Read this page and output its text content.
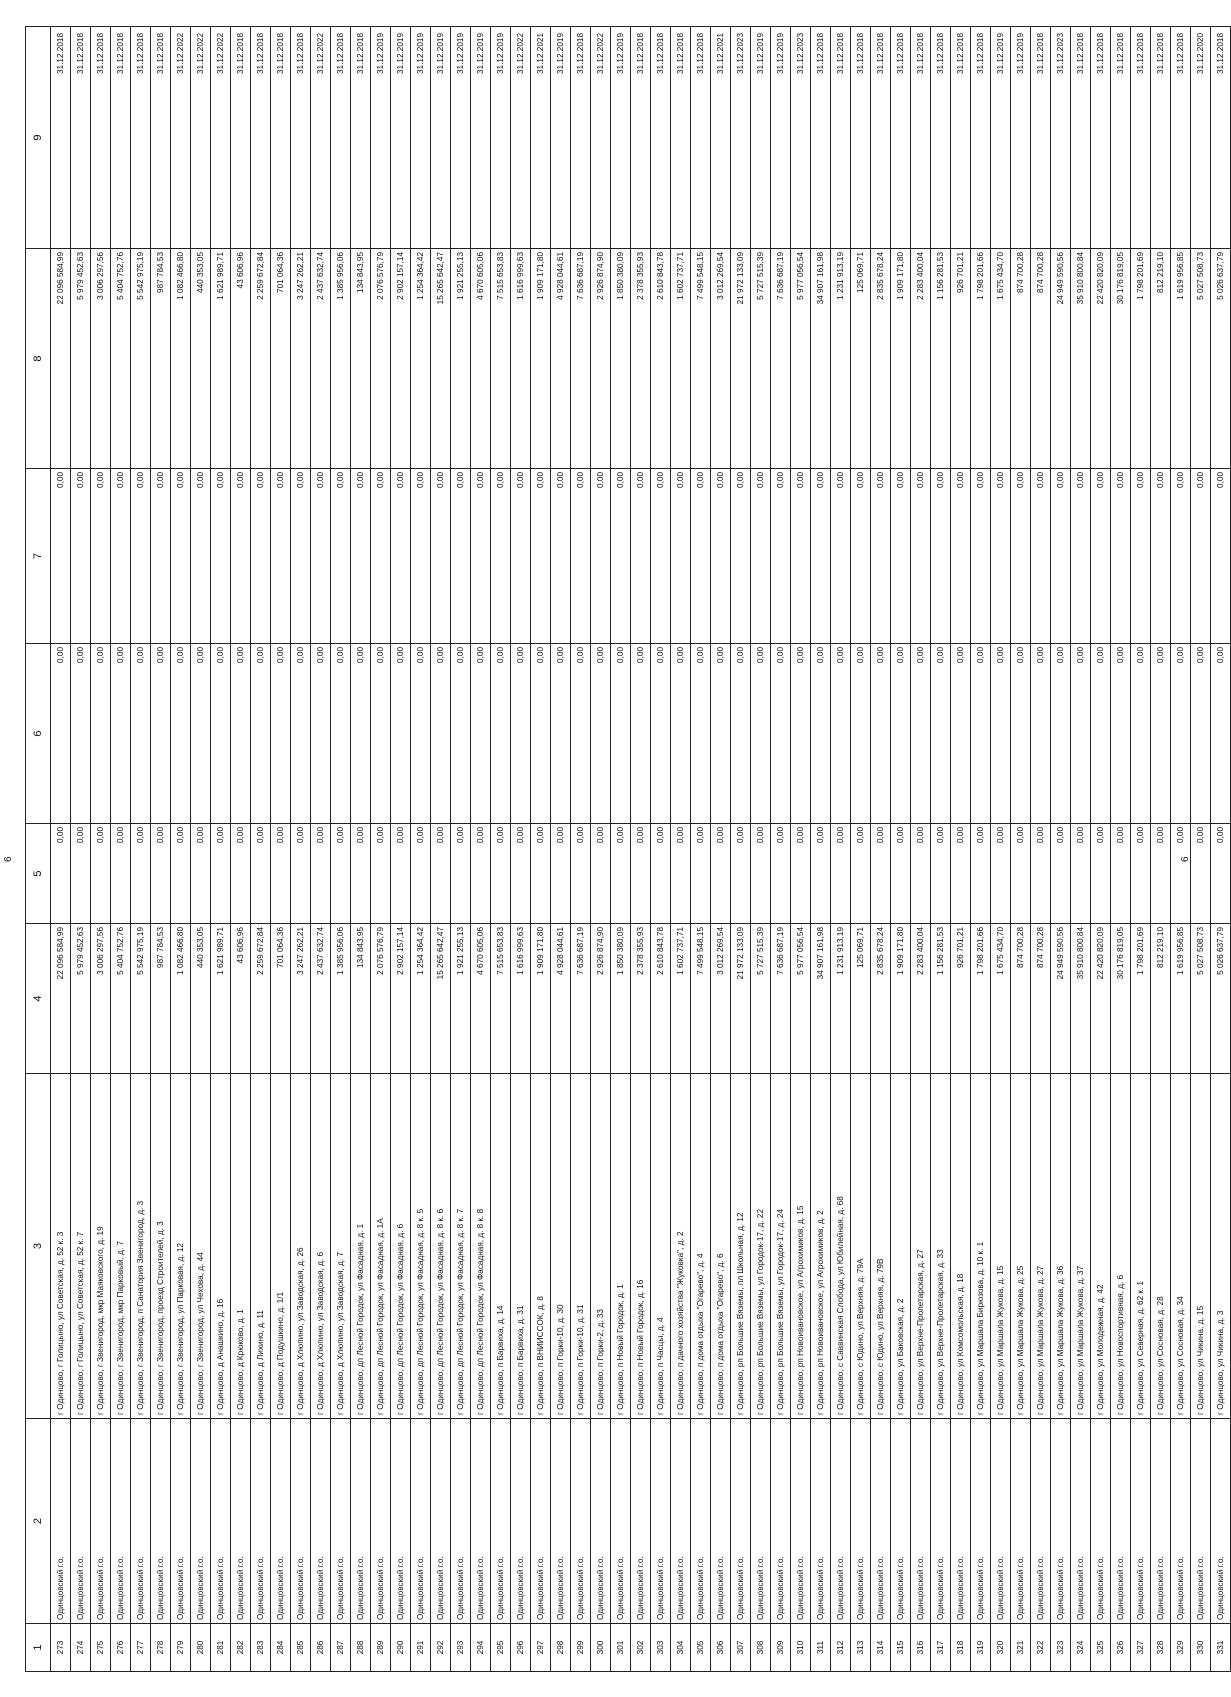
1	2	3	4	5	6	7	8	9
273	Одинцовский г.о.	г Одинцово, г Голицыно, ул Советская, д. 52 к. 3	22 096 584,99	0,00	0,00	0,00	22 096 584,99	31.12.2018
274	Одинцовский г.о.	г Одинцово, г Голицыно, ул Советская, д. 52 к. 7	5 979 452,63	0,00	0,00	0,00	5 979 452,63	31.12.2018
275	Одинцовский г.о.	г Одинцово, г Звенигород, мкр Маяковского, д. 19	3 006 297,56	0,00	0,00	0,00	3 006 297,56	31.12.2018
276	Одинцовский г.о.	г Одинцово, г Звенигород, мкр Парковый, д. 7	5 404 752,76	0,00	0,00	0,00	5 404 752,76	31.12.2018
277	Одинцовский г.о.	г Одинцово, г Звенигород, п Санатория Звенигород, д. 3	5 542 975,19	0,00	0,00	0,00	5 542 975,19	31.12.2018
278	Одинцовский г.о.	г Одинцово, г Звенигород, проезд Строителей, д. 3	987 784,53	0,00	0,00	0,00	987 784,53	31.12.2018
279	Одинцовский г.о.	г Одинцово, г Звенигород, ул Парковая, д. 12	1 082 466,80	0,00	0,00	0,00	1 082 466,80	31.12.2022
280	Одинцовский г.о.	г Одинцово, г Звенигород, ул Чехова, д. 44	440 353,05	0,00	0,00	0,00	440 353,05	31.12.2022
281	Одинцовский г.о.	г Одинцово, д Анашкино, д. 16	1 621 989,71	0,00	0,00	0,00	1 621 989,71	31.12.2022
282	Одинцовский г.о.	г Одинцово, д Крюково, д. 1	43 606,96	0,00	0,00	0,00	43 606,96	31.12.2018
283	Одинцовский г.о.	г Одинцово, д Лихино, д. 11	2 259 672,84	0,00	0,00	0,00	2 259 672,84	31.12.2018
284	Одинцовский г.о.	г Одинцово, д Подушкино, д. 1/1	701 064,36	0,00	0,00	0,00	701 064,36	31.12.2018
285	Одинцовский г.о.	г Одинцово, д Хлюпино, ул Заводская, д. 26	3 247 262,21	0,00	0,00	0,00	3 247 262,21	31.12.2018
286	Одинцовский г.о.	г Одинцово, д Хлюпино, ул Заводская, д. 6	2 437 632,74	0,00	0,00	0,00	2 437 632,74	31.12.2022
287	Одинцовский г.о.	г Одинцово, д Хлюпино, ул Заводская, д. 7	1 385 956,06	0,00	0,00	0,00	1 385 956,06	31.12.2018
288	Одинцовский г.о.	г Одинцово, дп Лесной Городок, ул Фасадная, д. 1	134 843,95	0,00	0,00	0,00	134 843,95	31.12.2018
289	Одинцовский г.о.	г Одинцово, дп Лесной Городок, ул Фасадная, д. 1А	2 076 576,79	0,00	0,00	0,00	2 076 576,79	31.12.2019
290	Одинцовский г.о.	г Одинцово, дп Лесной Городок, ул Фасадная, д. 6	2 902 157,14	0,00	0,00	0,00	2 902 157,14	31.12.2019
291	Одинцовский г.о.	г Одинцово, дп Лесной Городок, ул Фасадная, д. 8 к. 5	1 254 364,42	0,00	0,00	0,00	1 254 364,42	31.12.2019
292	Одинцовский г.о.	г Одинцово, дп Лесной Городок, ул Фасадная, д. 8 к. 6	15 265 642,47	0,00	0,00	0,00	15 265 642,47	31.12.2019
293	Одинцовский г.о.	г Одинцово, дп Лесной Городок, ул Фасадная, д. 8 к. 7	1 921 255,13	0,00	0,00	0,00	1 921 255,13	31.12.2019
294	Одинцовский г.о.	г Одинцово, дп Лесной Городок, ул Фасадная, д. 8 к. 8	4 670 605,06	0,00	0,00	0,00	4 670 605,06	31.12.2019
295	Одинцовский г.о.	г Одинцово, п Барвиха, д. 14	7 515 653,83	0,00	0,00	0,00	7 515 653,83	31.12.2019
296	Одинцовский г.о.	г Одинцово, п Барвиха, д. 31	1 616 999,63	0,00	0,00	0,00	1 616 999,63	31.12.2022
297	Одинцовский г.о.	г Одинцово, п ВНИИССОК, д. 8	1 909 171,80	0,00	0,00	0,00	1 909 171,80	31.12.2021
298	Одинцовский г.о.	г Одинцово, п Горки-10, д. 30	4 928 044,61	0,00	0,00	0,00	4 928 044,61	31.12.2019
299	Одинцовский г.о.	г Одинцово, п Горки-10, д. 31	7 636 687,19	0,00	0,00	0,00	7 636 687,19	31.12.2018
300	Одинцовский г.о.	г Одинцово, п Горки-2, д. 33	2 926 874,90	0,00	0,00	0,00	2 926 874,90	31.12.2022
301	Одинцовский г.о.	г Одинцово, п Новый Городок, д. 1	1 850 380,09	0,00	0,00	0,00	1 850 380,09	31.12.2019
302	Одинцовский г.о.	г Одинцово, п Новый Городок, д. 16	2 378 355,93	0,00	0,00	0,00	2 378 355,93	31.12.2018
303	Одинцовский г.о.	г Одинцово, п Часцы, д. 4	2 610 843,78	0,00	0,00	0,00	2 610 843,78	31.12.2018
304	Одинцовский г.о.	г Одинцово, п дачного хозяйства "Жуковка", д. 2	1 602 737,71	0,00	0,00	0,00	1 602 737,71	31.12.2018
305	Одинцовский г.о.	г Одинцово, п дома отдыха "Огарево", д. 4	7 499 548,15	0,00	0,00	0,00	7 499 548,15	31.12.2018
306	Одинцовский г.о.	г Одинцово, п дома отдыха "Огарево", д. 6	3 012 269,54	0,00	0,00	0,00	3 012 269,54	31.12.2021
307	Одинцовский г.о.	г Одинцово, рп Большие Вяземы, пл Школьная, д. 12	21 972 133,09	0,00	0,00	0,00	21 972 133,09	31.12.2023
308	Одинцовский г.о.	г Одинцово, рп Большие Вяземы, ул Городок-17, д. 22	5 727 515,39	0,00	0,00	0,00	5 727 515,39	31.12.2019
309	Одинцовский г.о.	г Одинцово, рп Большие Вяземы, ул Городок-17, д. 24	7 636 687,19	0,00	0,00	0,00	7 636 687,19	31.12.2019
310	Одинцовский г.о.	г Одинцово, рп Новоивановское, ул Агрохимиков, д. 15	5 977 056,54	0,00	0,00	0,00	5 977 056,54	31.12.2023
311	Одинцовский г.о.	г Одинцово, рп Новоивановское, ул Агрохимиков, д. 2	34 907 161,98	0,00	0,00	0,00	34 907 161,98	31.12.2018
312	Одинцовский г.о.	г Одинцово, с Саввинская Слобода, ул Юбилейная, д. 68	1 231 913,19	0,00	0,00	0,00	1 231 913,19	31.12.2018
313	Одинцовский г.о.	г Одинцово, с Юдино, ул Верхняя, д. 79А	125 069,71	0,00	0,00	0,00	125 069,71	31.12.2018
314	Одинцовский г.о.	г Одинцово, с Юдино, ул Верхняя, д. 79В	2 835 678,24	0,00	0,00	0,00	2 835 678,24	31.12.2018
315	Одинцовский г.о.	г Одинцово, ул Баковская, д. 2	1 909 171,80	0,00	0,00	0,00	1 909 171,80	31.12.2018
316	Одинцовский г.о.	г Одинцово, ул Верхне-Пролетарская, д. 27	2 283 400,04	0,00	0,00	0,00	2 283 400,04	31.12.2018
317	Одинцовский г.о.	г Одинцово, ул Верхне-Пролетарская, д. 33	1 156 281,53	0,00	0,00	0,00	1 156 281,53	31.12.2018
318	Одинцовский г.о.	г Одинцово, ул Комсомольская, д. 18	926 701,21	0,00	0,00	0,00	926 701,21	31.12.2018
319	Одинцовский г.о.	г Одинцово, ул Маршала Бирюзова, д. 10 к. 1	1 798 201,66	0,00	0,00	0,00	1 798 201,66	31.12.2018
320	Одинцовский г.о.	г Одинцово, ул Маршала Жукова, д. 15	1 675 434,70	0,00	0,00	0,00	1 675 434,70	31.12.2019
321	Одинцовский г.о.	г Одинцово, ул Маршала Жукова, д. 25	874 700,28	0,00	0,00	0,00	874 700,28	31.12.2019
322	Одинцовский г.о.	г Одинцово, ул Маршала Жукова, д. 27	874 700,28	0,00	0,00	0,00	874 700,28	31.12.2018
323	Одинцовский г.о.	г Одинцово, ул Маршала Жукова, д. 36	24 949 590,56	0,00	0,00	0,00	24 949 590,56	31.12.2023
324	Одинцовский г.о.	г Одинцово, ул Маршала Жукова, д. 37	35 910 800,84	0,00	0,00	0,00	35 910 800,84	31.12.2018
325	Одинцовский г.о.	г Одинцово, ул Молодежная, д. 42	22 420 820,09	0,00	0,00	0,00	22 420 820,09	31.12.2018
326	Одинцовский г.о.	г Одинцово, ул Новоспортивная, д. 6	30 176 819,05	0,00	0,00	0,00	30 176 819,05	31.12.2018
327	Одинцовский г.о.	г Одинцово, ул Северная, д. 62 к. 1	1 798 201,69	0,00	0,00	0,00	1 798 201,69	31.12.2018
328	Одинцовский г.о.	г Одинцово, ул Сосновая, д. 28	812 219,10	0,00	0,00	0,00	812 219,10	31.12.2018
329	Одинцовский г.о.	г Одинцово, ул Сосновая, д. 34	1 619 956,85	0,00	0,00	0,00	1 619 956,85	31.12.2018
330	Одинцовский г.о.	г Одинцово, ул Чикина, д. 15	5 027 508,73	0,00	0,00	0,00	5 027 508,73	31.12.2020
331	Одинцовский г.о.	г Одинцово, ул Чикина, д. 3	5 026 637,79	0,00	0,00	0,00	5 026 637,79	31.12.2018
6	6
